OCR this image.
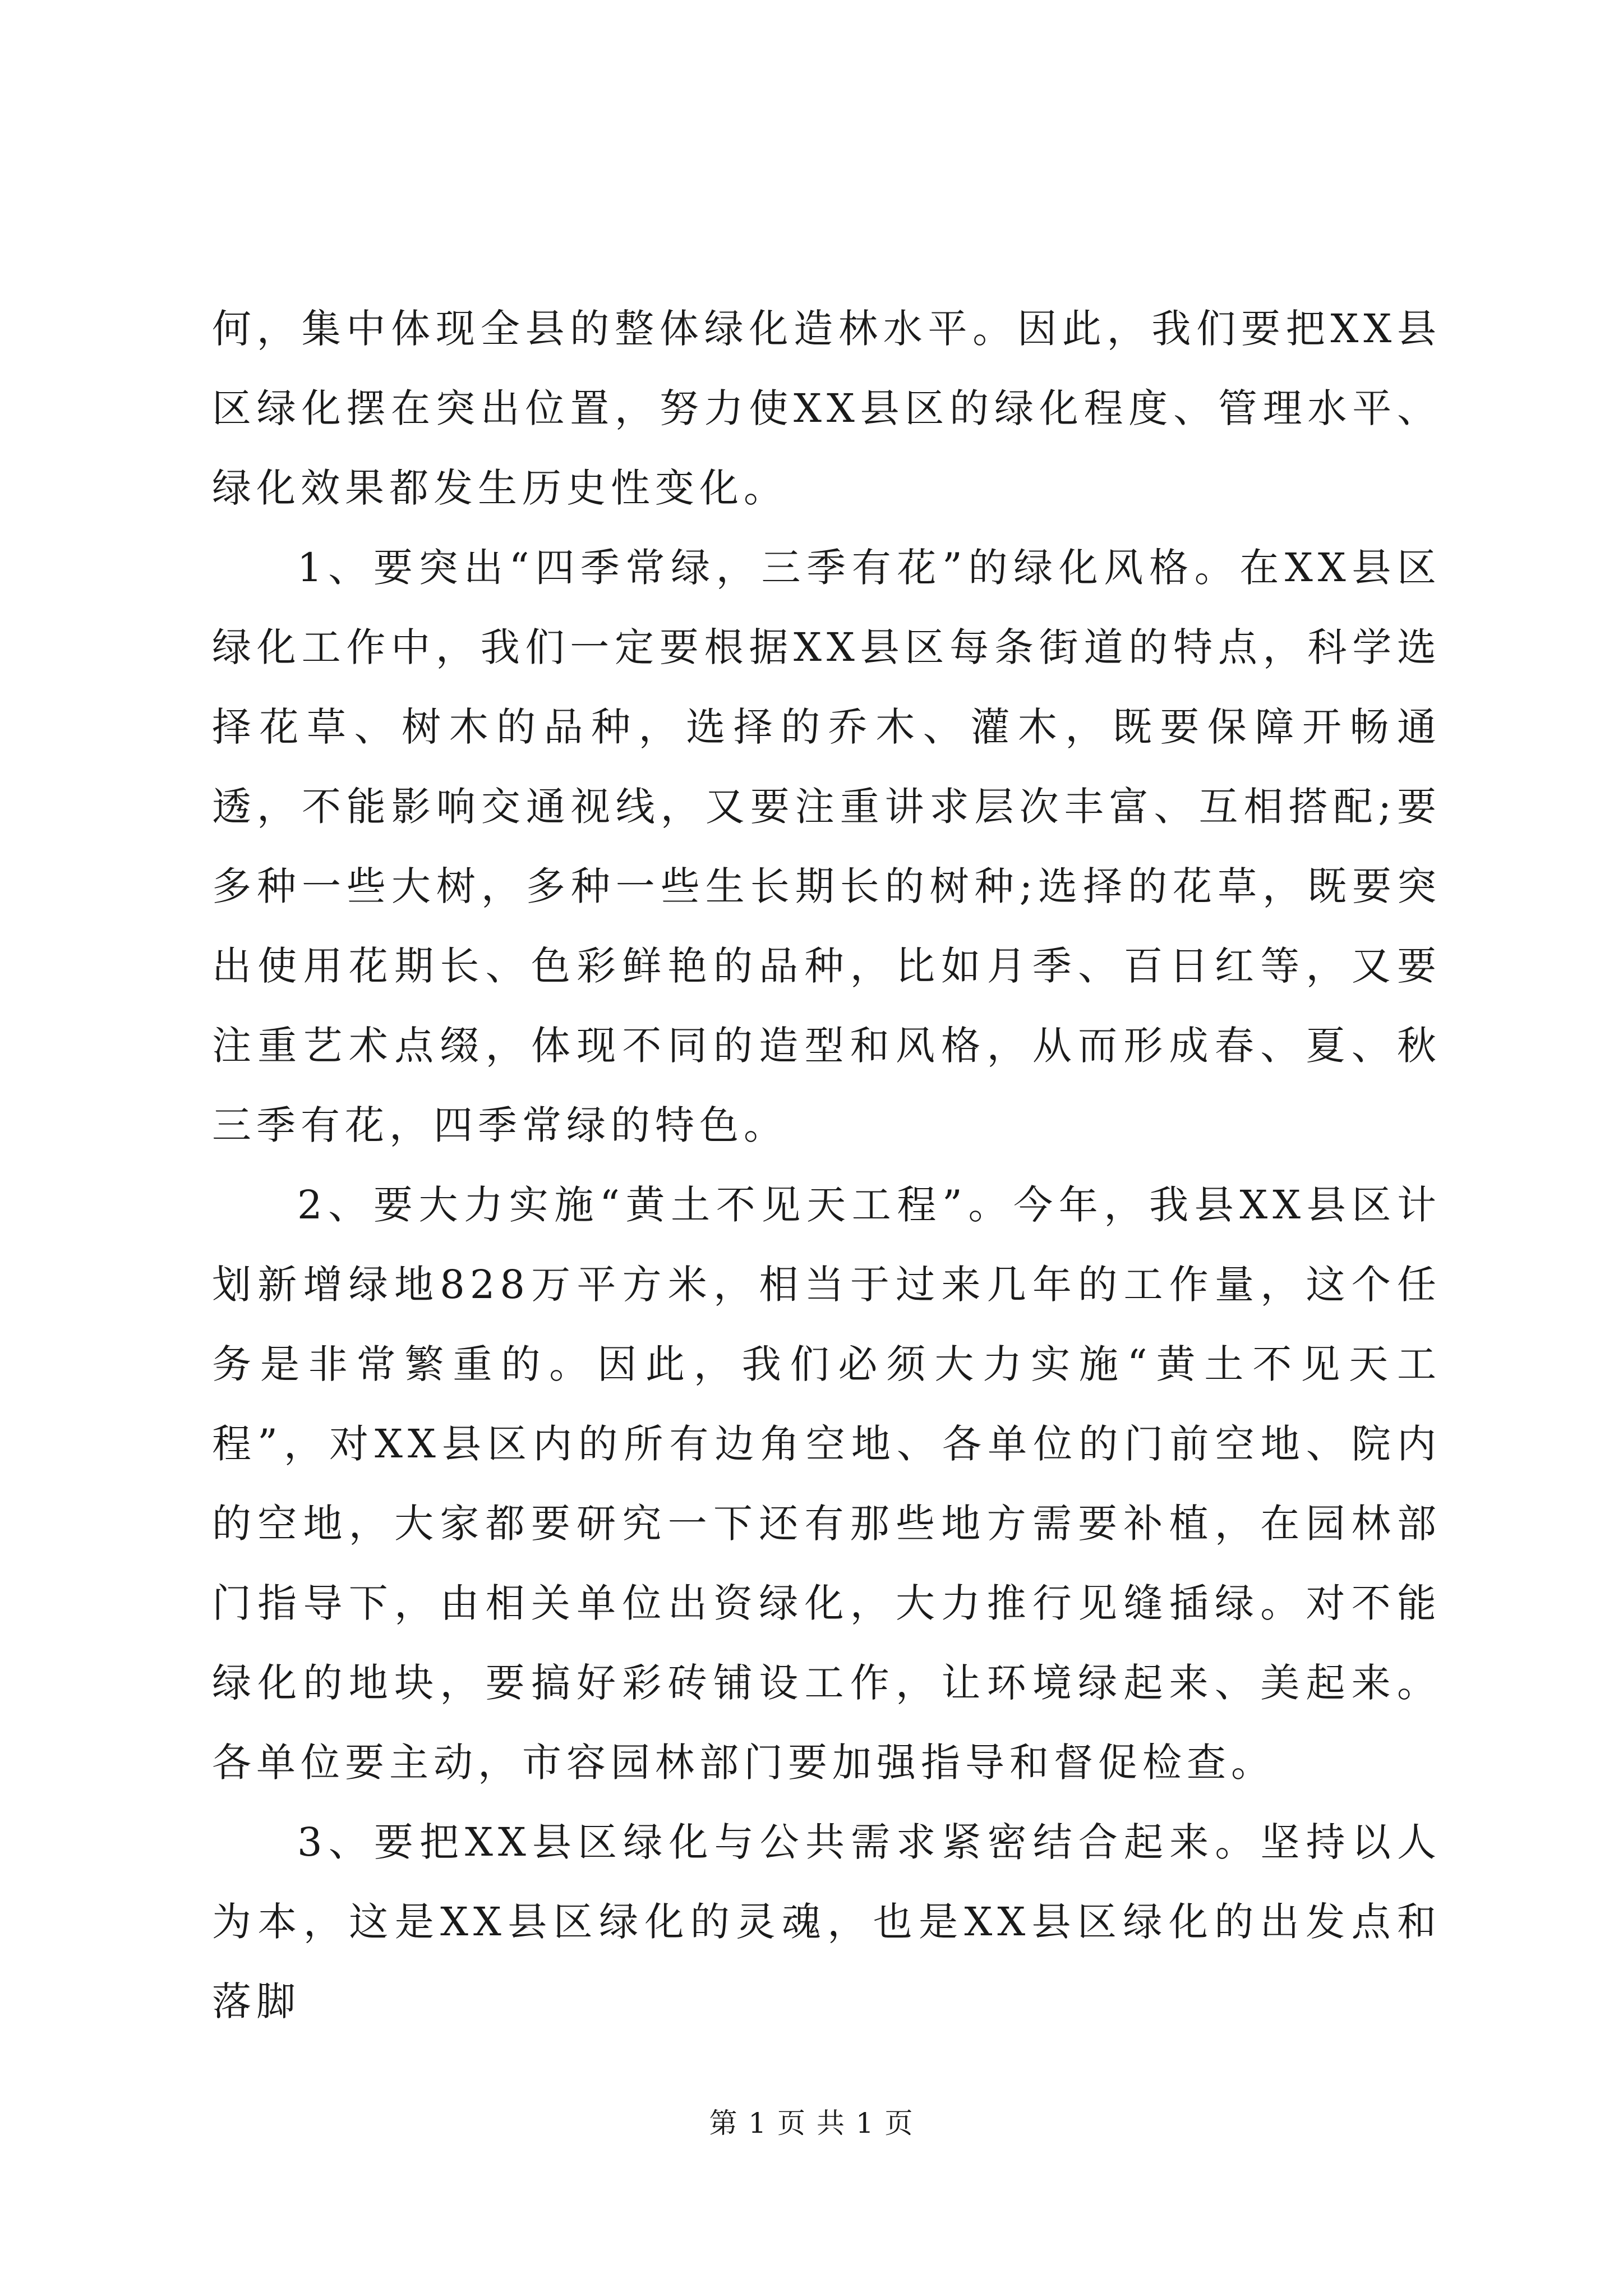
何，集中体现全县的整体绿化造林水平。因此，我们要把XX县区绿化摆在突出位置，努力使XX县区的绿化程度、管理水平、绿化效果都发生历史性变化。

1、要突出“四季常绿，三季有花”的绿化风格。在XX县区绿化工作中，我们一定要根据XX县区每条街道的特点，科学选择花草、树木的品种，选择的乔木、灌木，既要保障开畅通透，不能影响交通视线，又要注重讲求层次丰富、互相搭配;要多种一些大树，多种一些生长期长的树种;选择的花草，既要突出使用花期长、色彩鲜艳的品种，比如月季、百日红等，又要注重艺术点缀，体现不同的造型和风格，从而形成春、夏、秋三季有花，四季常绿的特色。

2、要大力实施“黄土不见天工程”。今年，我县XX县区计划新增绿地828万平方米，相当于过来几年的工作量，这个任务是非常繁重的。因此，我们必须大力实施“黄土不见天工程”，对XX县区内的所有边角空地、各单位的门前空地、院内的空地，大家都要研究一下还有那些地方需要补植，在园林部门指导下，由相关单位出资绿化，大力推行见缝插绿。对不能绿化的地块，要搞好彩砖铺设工作，让环境绿起来、美起来。各单位要主动，市容园林部门要加强指导和督促检查。

3、要把XX县区绿化与公共需求紧密结合起来。坚持以人为本，这是XX县区绿化的灵魂，也是XX县区绿化的出发点和落脚

第 1 页 共 1 页
